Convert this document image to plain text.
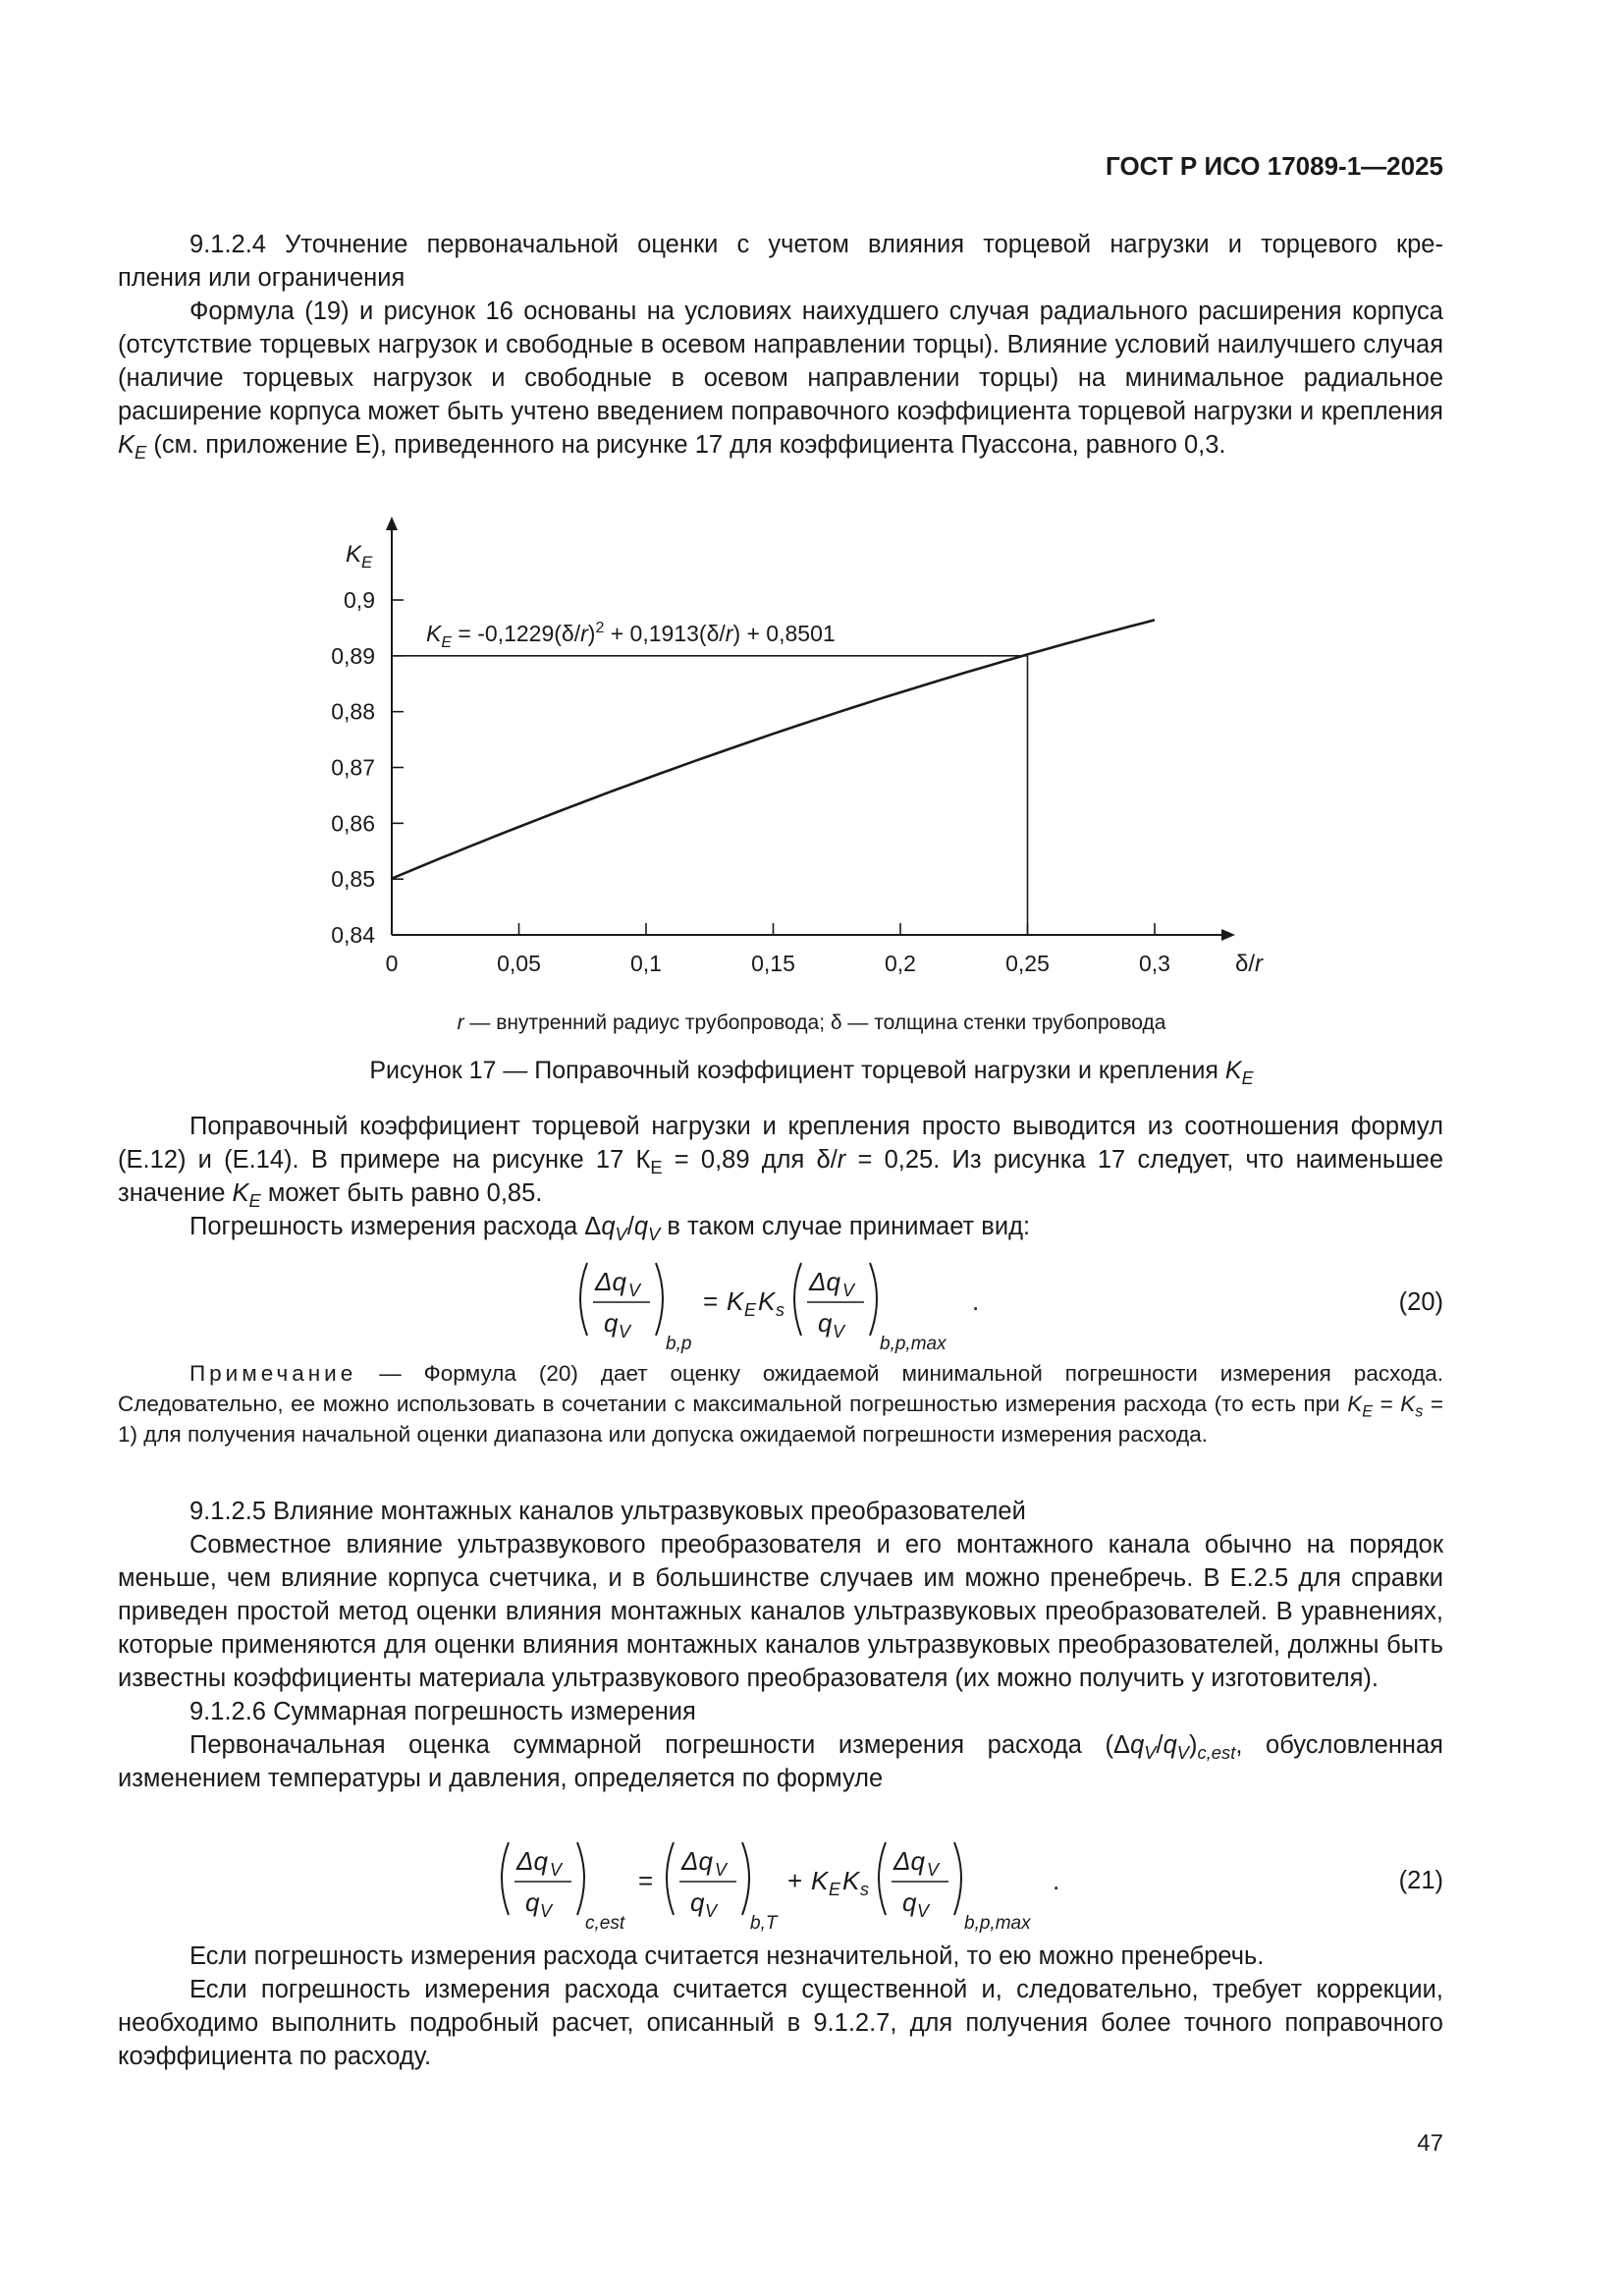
ГОСТ Р ИСО 17089-1—2025

9.1.2.4 Уточнение первоначальной оценки с учетом влияния торцевой нагрузки и торцевого кре-

пления или ограничения

Формула (19) и рисунок 16 основаны на условиях наихудшего случая радиального расширения корпуса (отсутствие торцевых нагрузок и свободные в осевом направлении торцы). Влияние условий наилучшего случая (наличие торцевых нагрузок и свободные в осевом направлении торцы) на минимальное радиальное расширение корпуса может быть учтено введением поправочного коэффициента торцевой нагрузки и крепления $K_E$ (см. приложение Е), приведенного на рисунке 17 для коэффициента Пуассона, равного 0,3.

0	0,05	0,1	0,15	0,2	0,25	0,3
0,84
0,85
0,86
0,87
0,88
0,89
0,9
$K_E$
δ/r
$K_E = -0,1229(\delta/r)^2 + 0,1913(\delta/r) + 0,8501$
r — внутренний радиус трубопровода; δ — толщина стенки трубопровода
Рисунок 17 — Поправочный коэффициент торцевой нагрузки и крепления $K_E$

Поправочный коэффициент торцевой нагрузки и крепления просто выводится из соотношения формул (Е.12) и (Е.14). В примере на рисунке 17 $К_Е = 0,89$ для δ/r = 0,25. Из рисунка 17 следует, что наименьшее значение $K_E$ может быть равно 0,85.

Погрешность измерения расхода $\Delta q_V/q_V$ в таком случае принимает вид:

Δq V
q V
b,p
= K E K s
Δq V
q V
b,p,max
.	(20)

Примечание — Формула (20) дает оценку ожидаемой минимальной погрешности измерения расхода. Следовательно, ее можно использовать в сочетании с максимальной погрешностью измерения расхода (то есть при $K_E = K_s = 1$) для получения начальной оценки диапазона или допуска ожидаемой погрешности измерения расхода.

9.1.2.5 Влияние монтажных каналов ультразвуковых преобразователей

Совместное влияние ультразвукового преобразователя и его монтажного канала обычно на порядок меньше, чем влияние корпуса счетчика, и в большинстве случаев им можно пренебречь. В Е.2.5 для справки приведен простой метод оценки влияния монтажных каналов ультразвуковых преобразователей. В уравнениях, которые применяются для оценки влияния монтажных каналов ультразвуковых преобразователей, должны быть известны коэффициенты материала ультразвукового преобразователя (их можно получить у изготовителя).

9.1.2.6 Суммарная погрешность измерения

Первоначальная оценка суммарной погрешности измерения расхода $(\Delta q_V/q_V)_{c,est}$, обусловленная изменением температуры и давления, определяется по формуле

Δq V
q V
c,est
=
Δq V
q V
b,T
+ K E K s
Δq V
q V
b,p,max
.	(21)

Если погрешность измерения расхода считается незначительной, то ею можно пренебречь.

Если погрешность измерения расхода считается существенной и, следовательно, требует коррекции, необходимо выполнить подробный расчет, описанный в 9.1.2.7, для получения более точного поправочного коэффициента по расходу.

47
